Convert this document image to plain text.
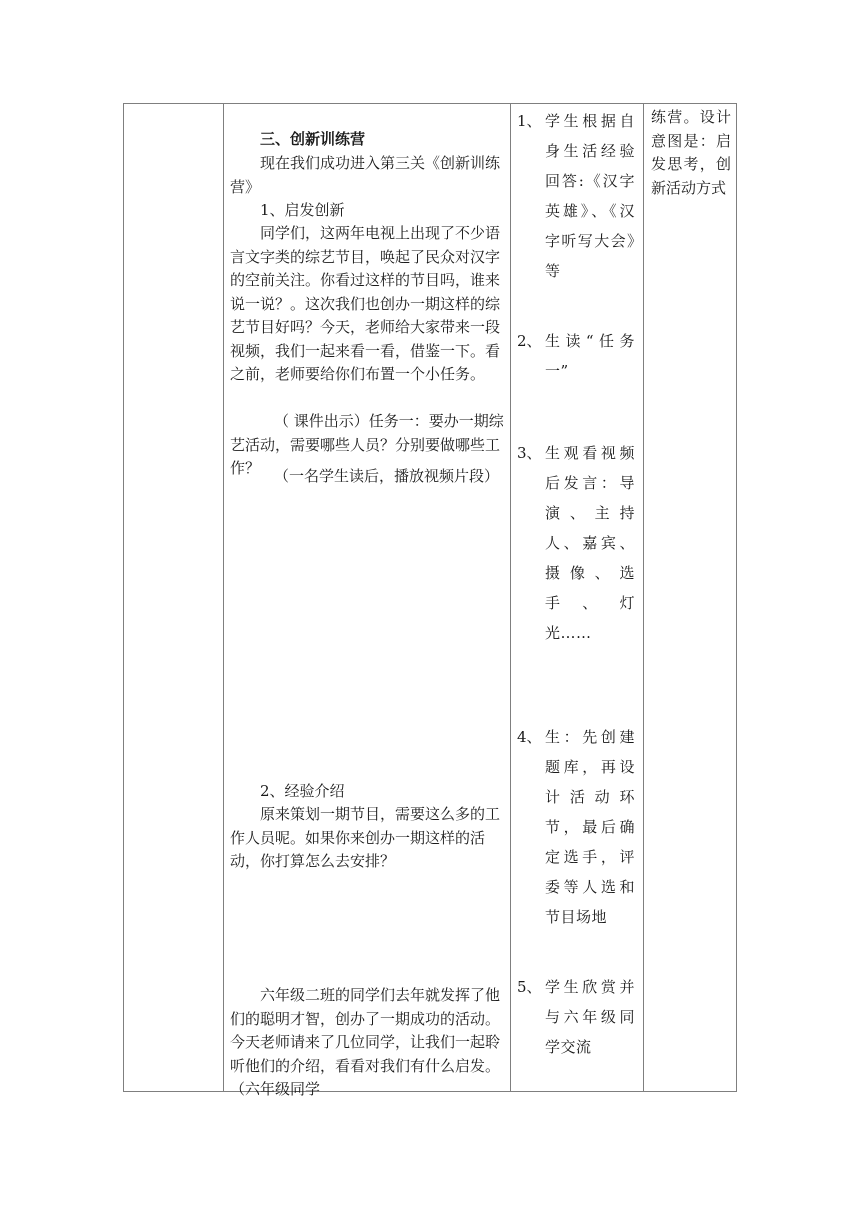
三、创新训练营

现在我们成功进入第三关《创新训练营》

1、启发创新

同学们，这两年电视上出现了不少语言文字类的综艺节目，唤起了民众对汉字的空前关注。你看过这样的节目吗，谁来说一说？。这次我们也创办一期这样的综艺节目好吗？今天，老师给大家带来一段视频，我们一起来看一看，借鉴一下。看之前，老师要给你们布置一个小任务。

（ 课件出示）任务一：要办一期综艺活动，需要哪些人员？分别要做哪些工作？ （一名学生读后，播放视频片段）

2、经验介绍

原来策划一期节目，需要这么多的工作人员呢。如果你来创办一期这样的活动，你打算怎么去安排？

六年级二班的同学们去年就发挥了他们的聪明才智，创办了一期成功的活动。今天老师请来了几位同学，让我们一起聆听他们的介绍，看看对我们有什么启发。（六年级同学

1、 学生根据自身生活经验回答:《汉字英雄》、《汉字听写大会》等

2、 生读“任务一”

3、 生观看视频后发言：导演、主持人、嘉宾、摄像、选手、灯光……

4、 生：先创建题库，再设计活动环节，最后确定选手，评委等人选和节目场地

5、 学生欣赏并与六年级同学交流

练营。设计意图是：启发思考，创新活动方式
